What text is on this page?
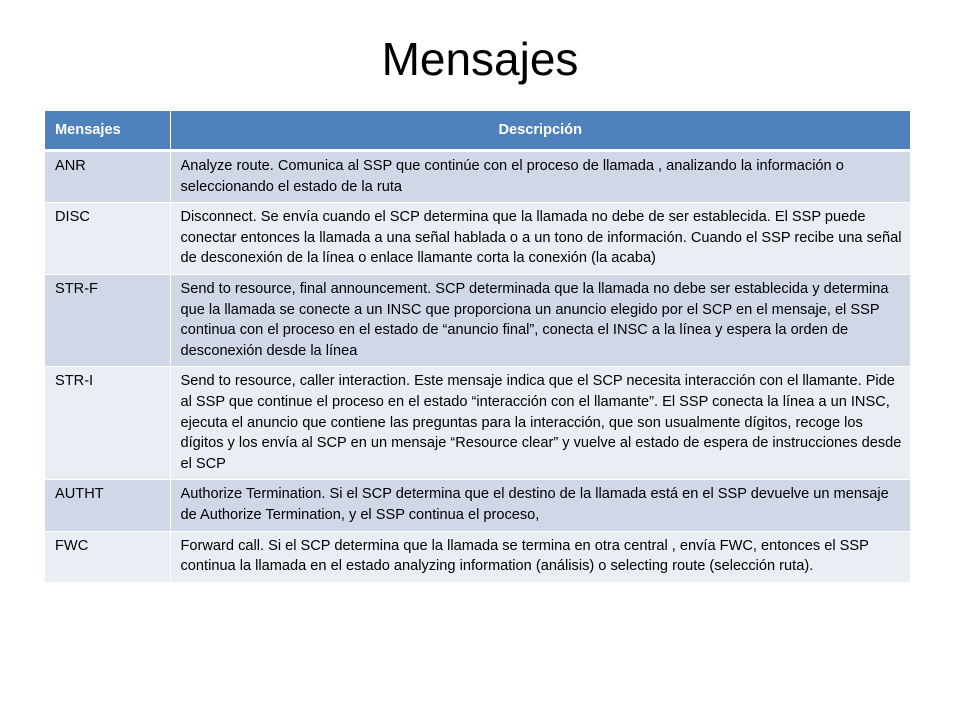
Mensajes
Mensajes	Descripción
ANR	Analyze route. Comunica al SSP que continúe con el proceso de llamada , analizando la información o seleccionando el estado de la ruta
DISC	Disconnect. Se envía cuando el SCP determina que la llamada no debe de ser establecida. El SSP puede conectar entonces la llamada a una señal hablada o a un tono de información. Cuando el SSP recibe una señal de desconexión de la línea o enlace llamante corta la conexión (la acaba)
STR-F	Send to resource, final announcement. SCP determinada que la llamada no debe ser establecida y determina que la llamada se conecte a un INSC que proporciona un anuncio elegido por el SCP en el mensaje, el SSP continua con el proceso en el estado de “anuncio final”, conecta el INSC a la línea y espera la orden de desconexión desde la línea
STR-I	Send to resource, caller interaction. Este mensaje indica que el SCP necesita interacción con el llamante. Pide al SSP que continue el proceso en el estado “interacción con el llamante”. El SSP conecta la línea a un INSC, ejecuta el anuncio que contiene las preguntas para la interacción, que son usualmente dígitos, recoge los dígitos y los envía al SCP en un mensaje “Resource clear” y vuelve al estado de espera de instrucciones desde el SCP
AUTHT	Authorize Termination. Si el SCP determina que el destino de la llamada está en el SSP devuelve un mensaje de Authorize Termination, y el SSP continua el proceso,
FWC	Forward call. Si el SCP determina que la llamada se termina en otra central , envía FWC, entonces el SSP continua la llamada en el estado analyzing information (análisis) o selecting route (selección ruta).
